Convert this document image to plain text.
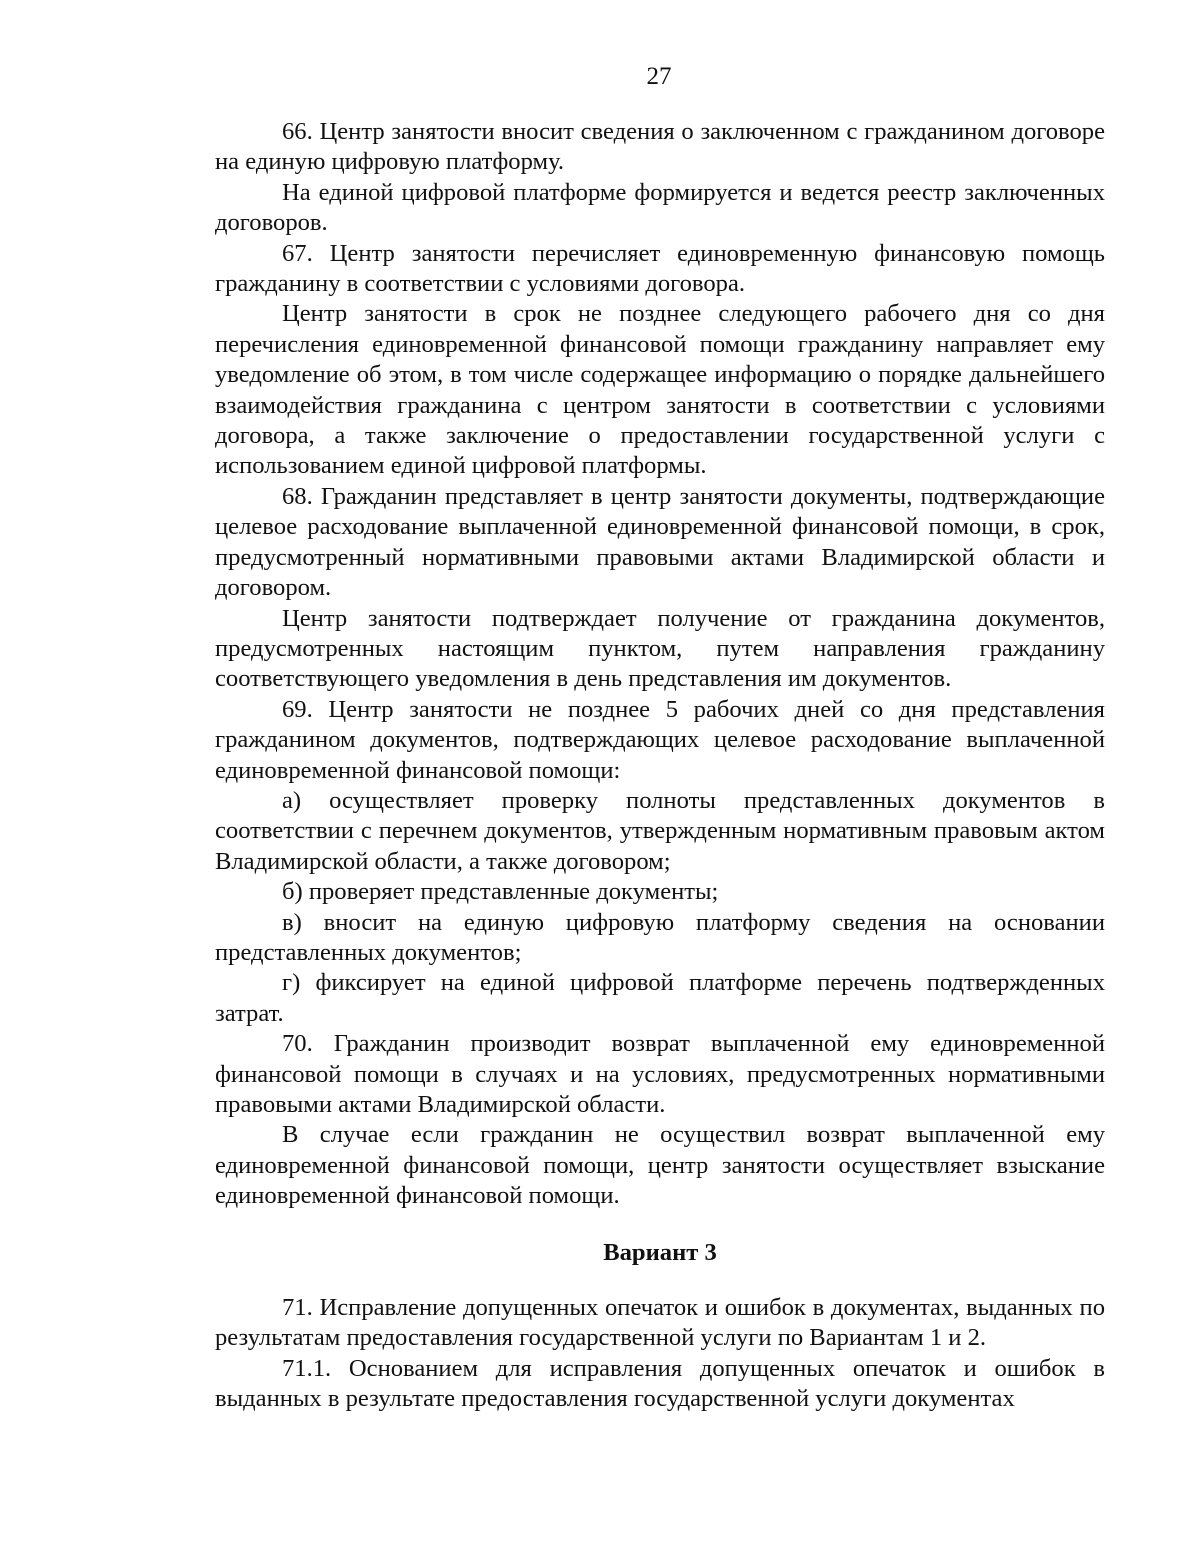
27

66. Центр занятости вносит сведения о заключенном с гражданином договоре на единую цифровую платформу.

На единой цифровой платформе формируется и ведется реестр заключенных договоров.

67. Центр занятости перечисляет единовременную финансовую помощь гражданину в соответствии с условиями договора.

Центр занятости в срок не позднее следующего рабочего дня со дня перечисления единовременной финансовой помощи гражданину направляет ему уведомление об этом, в том числе содержащее информацию о порядке дальнейшего взаимодействия гражданина с центром занятости в соответствии с условиями договора, а также заключение о предоставлении государственной услуги с использованием единой цифровой платформы.

68. Гражданин представляет в центр занятости документы, подтверждающие целевое расходование выплаченной единовременной финансовой помощи, в срок, предусмотренный нормативными правовыми актами Владимирской области и договором.

Центр занятости подтверждает получение от гражданина документов, предусмотренных настоящим пунктом, путем направления гражданину соответствующего уведомления в день представления им документов.

69. Центр занятости не позднее 5 рабочих дней со дня представления гражданином документов, подтверждающих целевое расходование выплаченной единовременной финансовой помощи:

а) осуществляет проверку полноты представленных документов в соответствии с перечнем документов, утвержденным нормативным правовым актом Владимирской области, а также договором;

б) проверяет представленные документы;

в) вносит на единую цифровую платформу сведения на основании представленных документов;

г) фиксирует на единой цифровой платформе перечень подтвержденных затрат.

70. Гражданин производит возврат выплаченной ему единовременной финансовой помощи в случаях и на условиях, предусмотренных нормативными правовыми актами Владимирской области.

В случае если гражданин не осуществил возврат выплаченной ему единовременной финансовой помощи, центр занятости осуществляет взыскание единовременной финансовой помощи.

Вариант 3

71. Исправление допущенных опечаток и ошибок в документах, выданных по результатам предоставления государственной услуги по Вариантам 1 и 2.

71.1. Основанием для исправления допущенных опечаток и ошибок в выданных в результате предоставления государственной услуги документах
